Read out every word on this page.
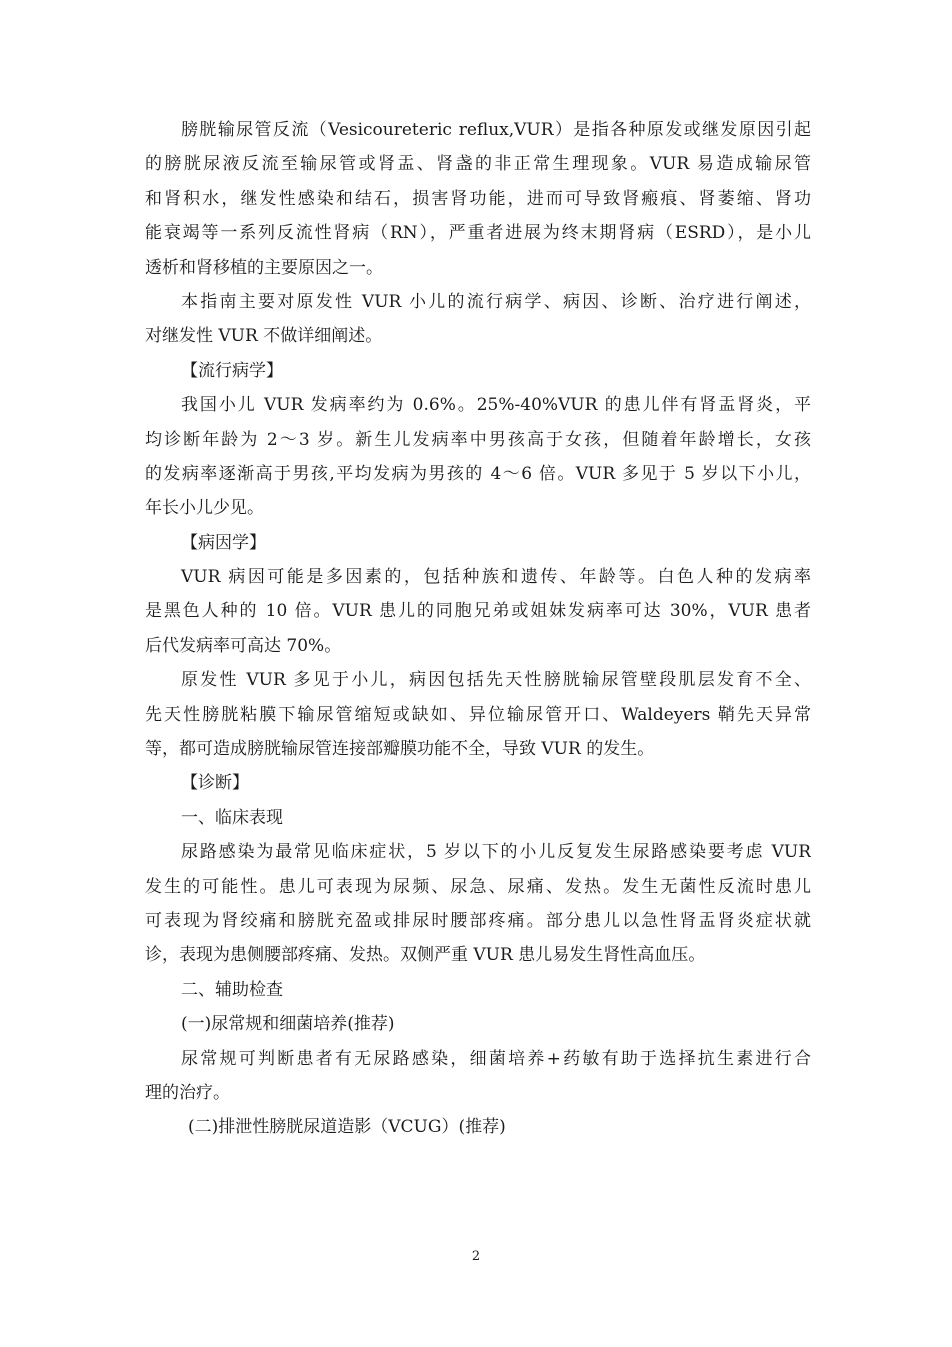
膀胱输尿管反流（Vesicoureteric reflux,VUR）是指各种原发或继发原因引起
的膀胱尿液反流至输尿管或肾盂、肾盏的非正常生理现象。VUR 易造成输尿管
和肾积水，继发性感染和结石，损害肾功能，进而可导致肾瘢痕、肾萎缩、肾功
能衰竭等一系列反流性肾病（RN），严重者进展为终末期肾病（ESRD），是小儿
透析和肾移植的主要原因之一。
本指南主要对原发性 VUR 小儿的流行病学、病因、诊断、治疗进行阐述，
对继发性 VUR 不做详细阐述。
【流行病学】
我国小儿 VUR 发病率约为 0.6%。25%-40%VUR 的患儿伴有肾盂肾炎，平
均诊断年龄为 2～3 岁。新生儿发病率中男孩高于女孩，但随着年龄增长，女孩
的发病率逐渐高于男孩,平均发病为男孩的 4～6 倍。VUR 多见于 5 岁以下小儿，
年长小儿少见。
【病因学】
VUR 病因可能是多因素的，包括种族和遗传、年龄等。白色人种的发病率
是黑色人种的 10 倍。VUR 患儿的同胞兄弟或姐妹发病率可达 30%，VUR 患者
后代发病率可高达 70%。
原发性 VUR 多见于小儿，病因包括先天性膀胱输尿管壁段肌层发育不全、
先天性膀胱粘膜下输尿管缩短或缺如、异位输尿管开口、Waldeyers 鞘先天异常
等，都可造成膀胱输尿管连接部瓣膜功能不全，导致 VUR 的发生。
【诊断】
一、临床表现
尿路感染为最常见临床症状，5 岁以下的小儿反复发生尿路感染要考虑 VUR
发生的可能性。患儿可表现为尿频、尿急、尿痛、发热。发生无菌性反流时患儿
可表现为肾绞痛和膀胱充盈或排尿时腰部疼痛。部分患儿以急性肾盂肾炎症状就
诊，表现为患侧腰部疼痛、发热。双侧严重 VUR 患儿易发生肾性高血压。
二、辅助检查
(一)尿常规和细菌培养(推荐)
尿常规可判断患者有无尿路感染，细菌培养+药敏有助于选择抗生素进行合
理的治疗。
(二)排泄性膀胱尿道造影（VCUG）(推荐)
2
